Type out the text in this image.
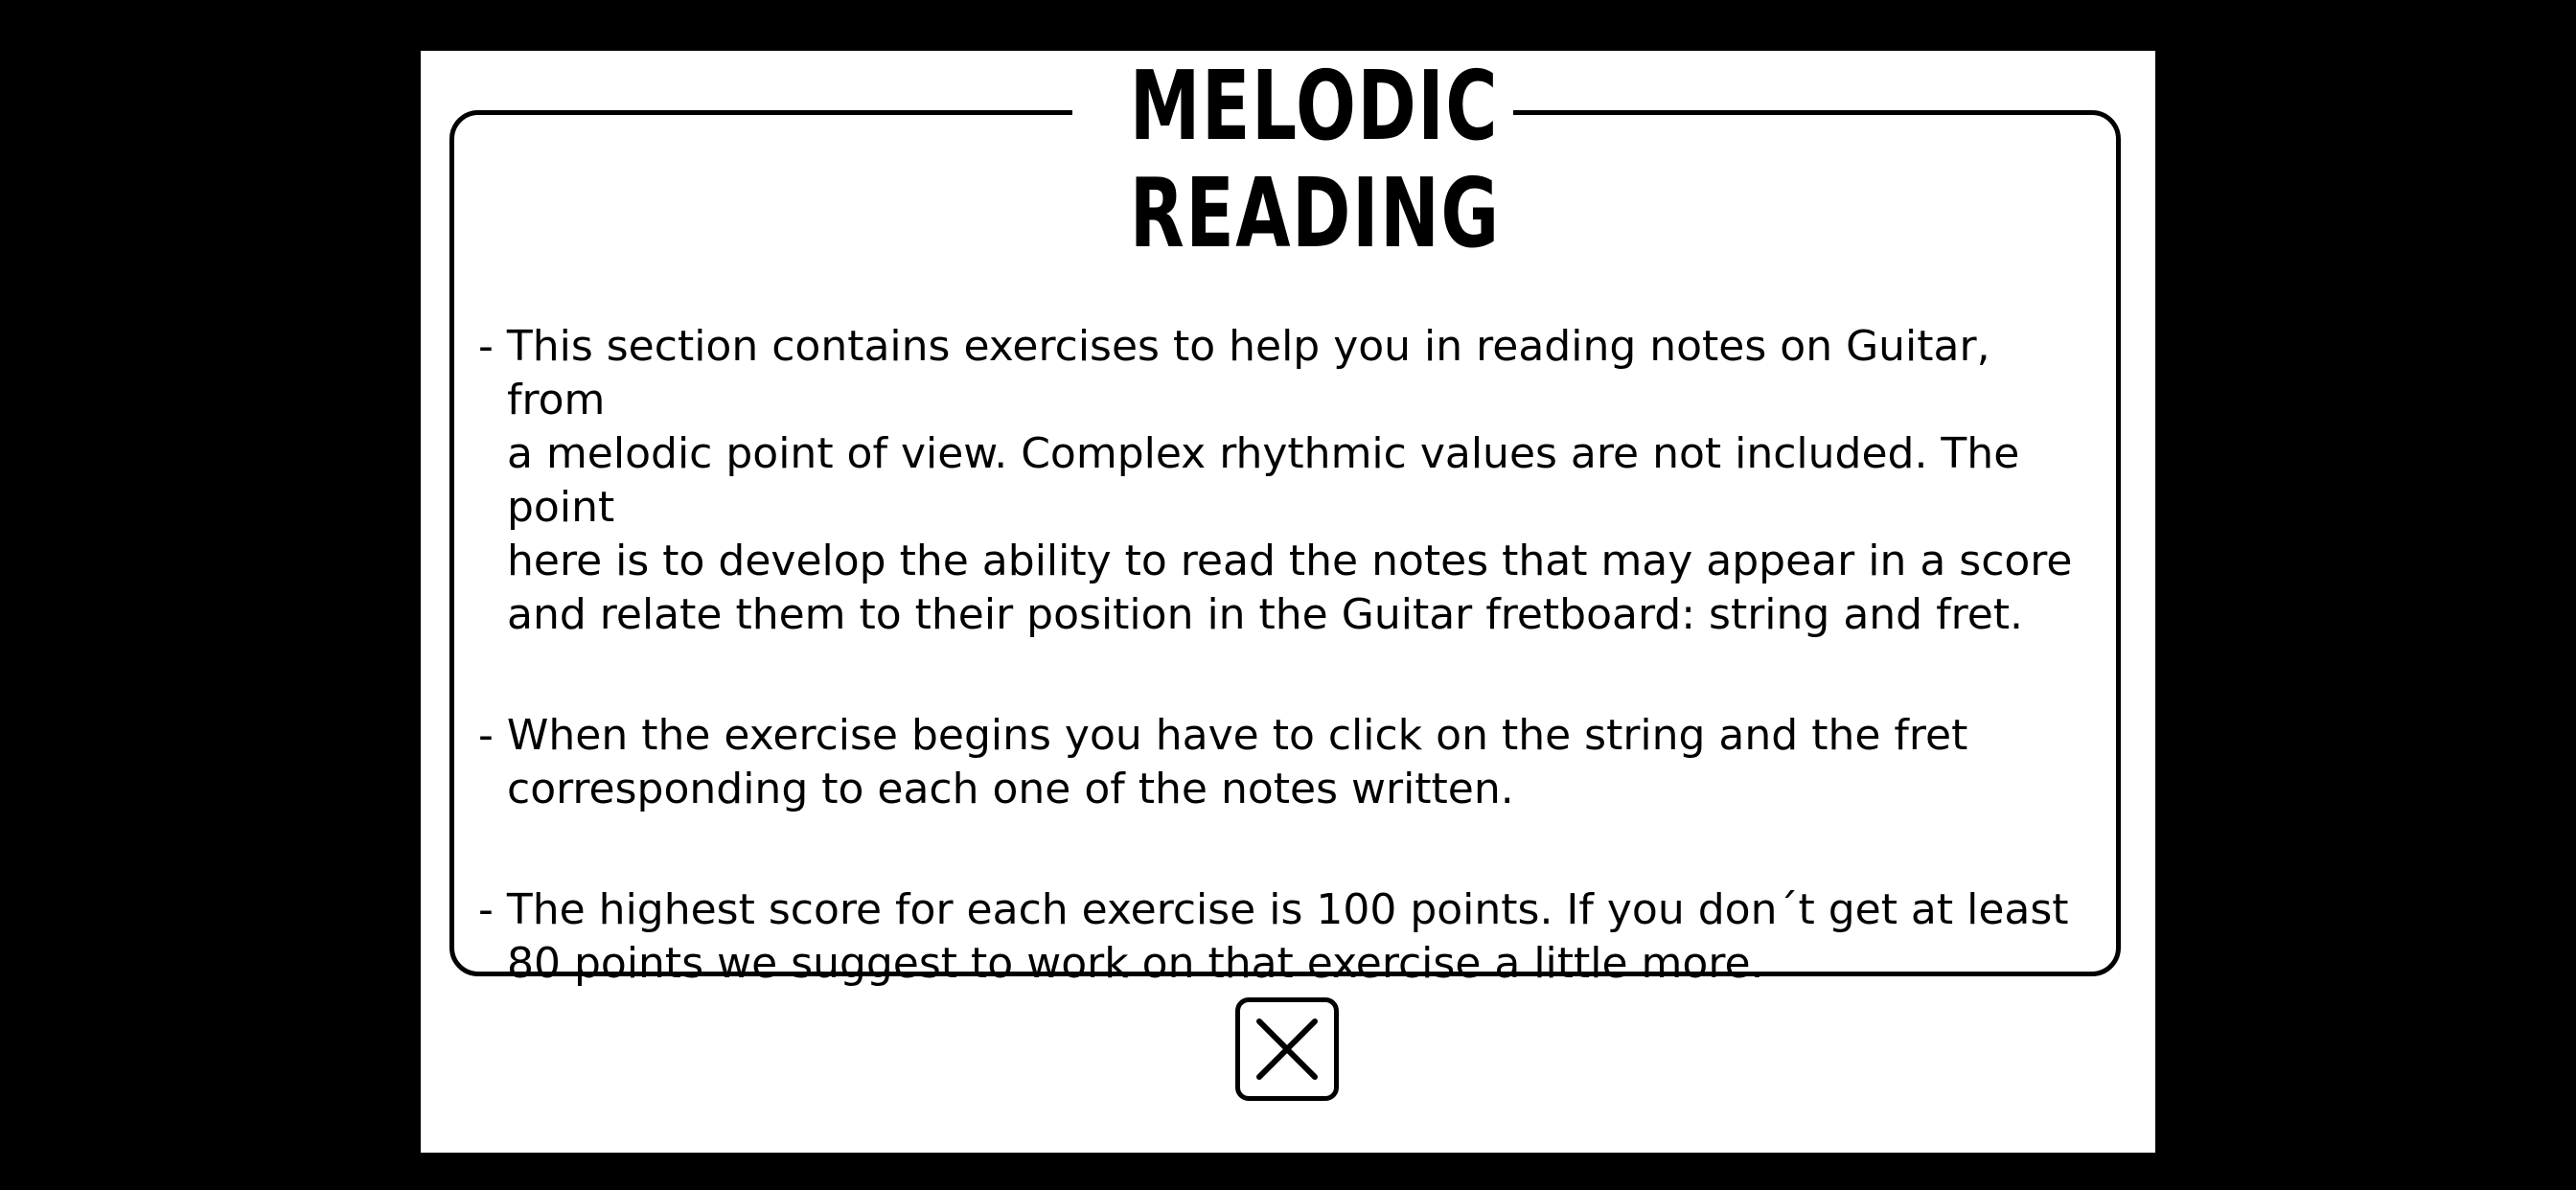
MELODIC
READING

- This section contains exercises to help you in reading notes on Guitar, from
a melodic point of view. Complex rhythmic values are not included. The point
here is to develop the ability to read the notes that may appear in a score
and relate them to their position in the Guitar fretboard: string and fret.

- When the exercise begins you have to click on the string and the fret
corresponding to each one of the notes written.

- The highest score for each exercise is 100 points. If you don´t get at least
80 points we suggest to work on that exercise a little more.
